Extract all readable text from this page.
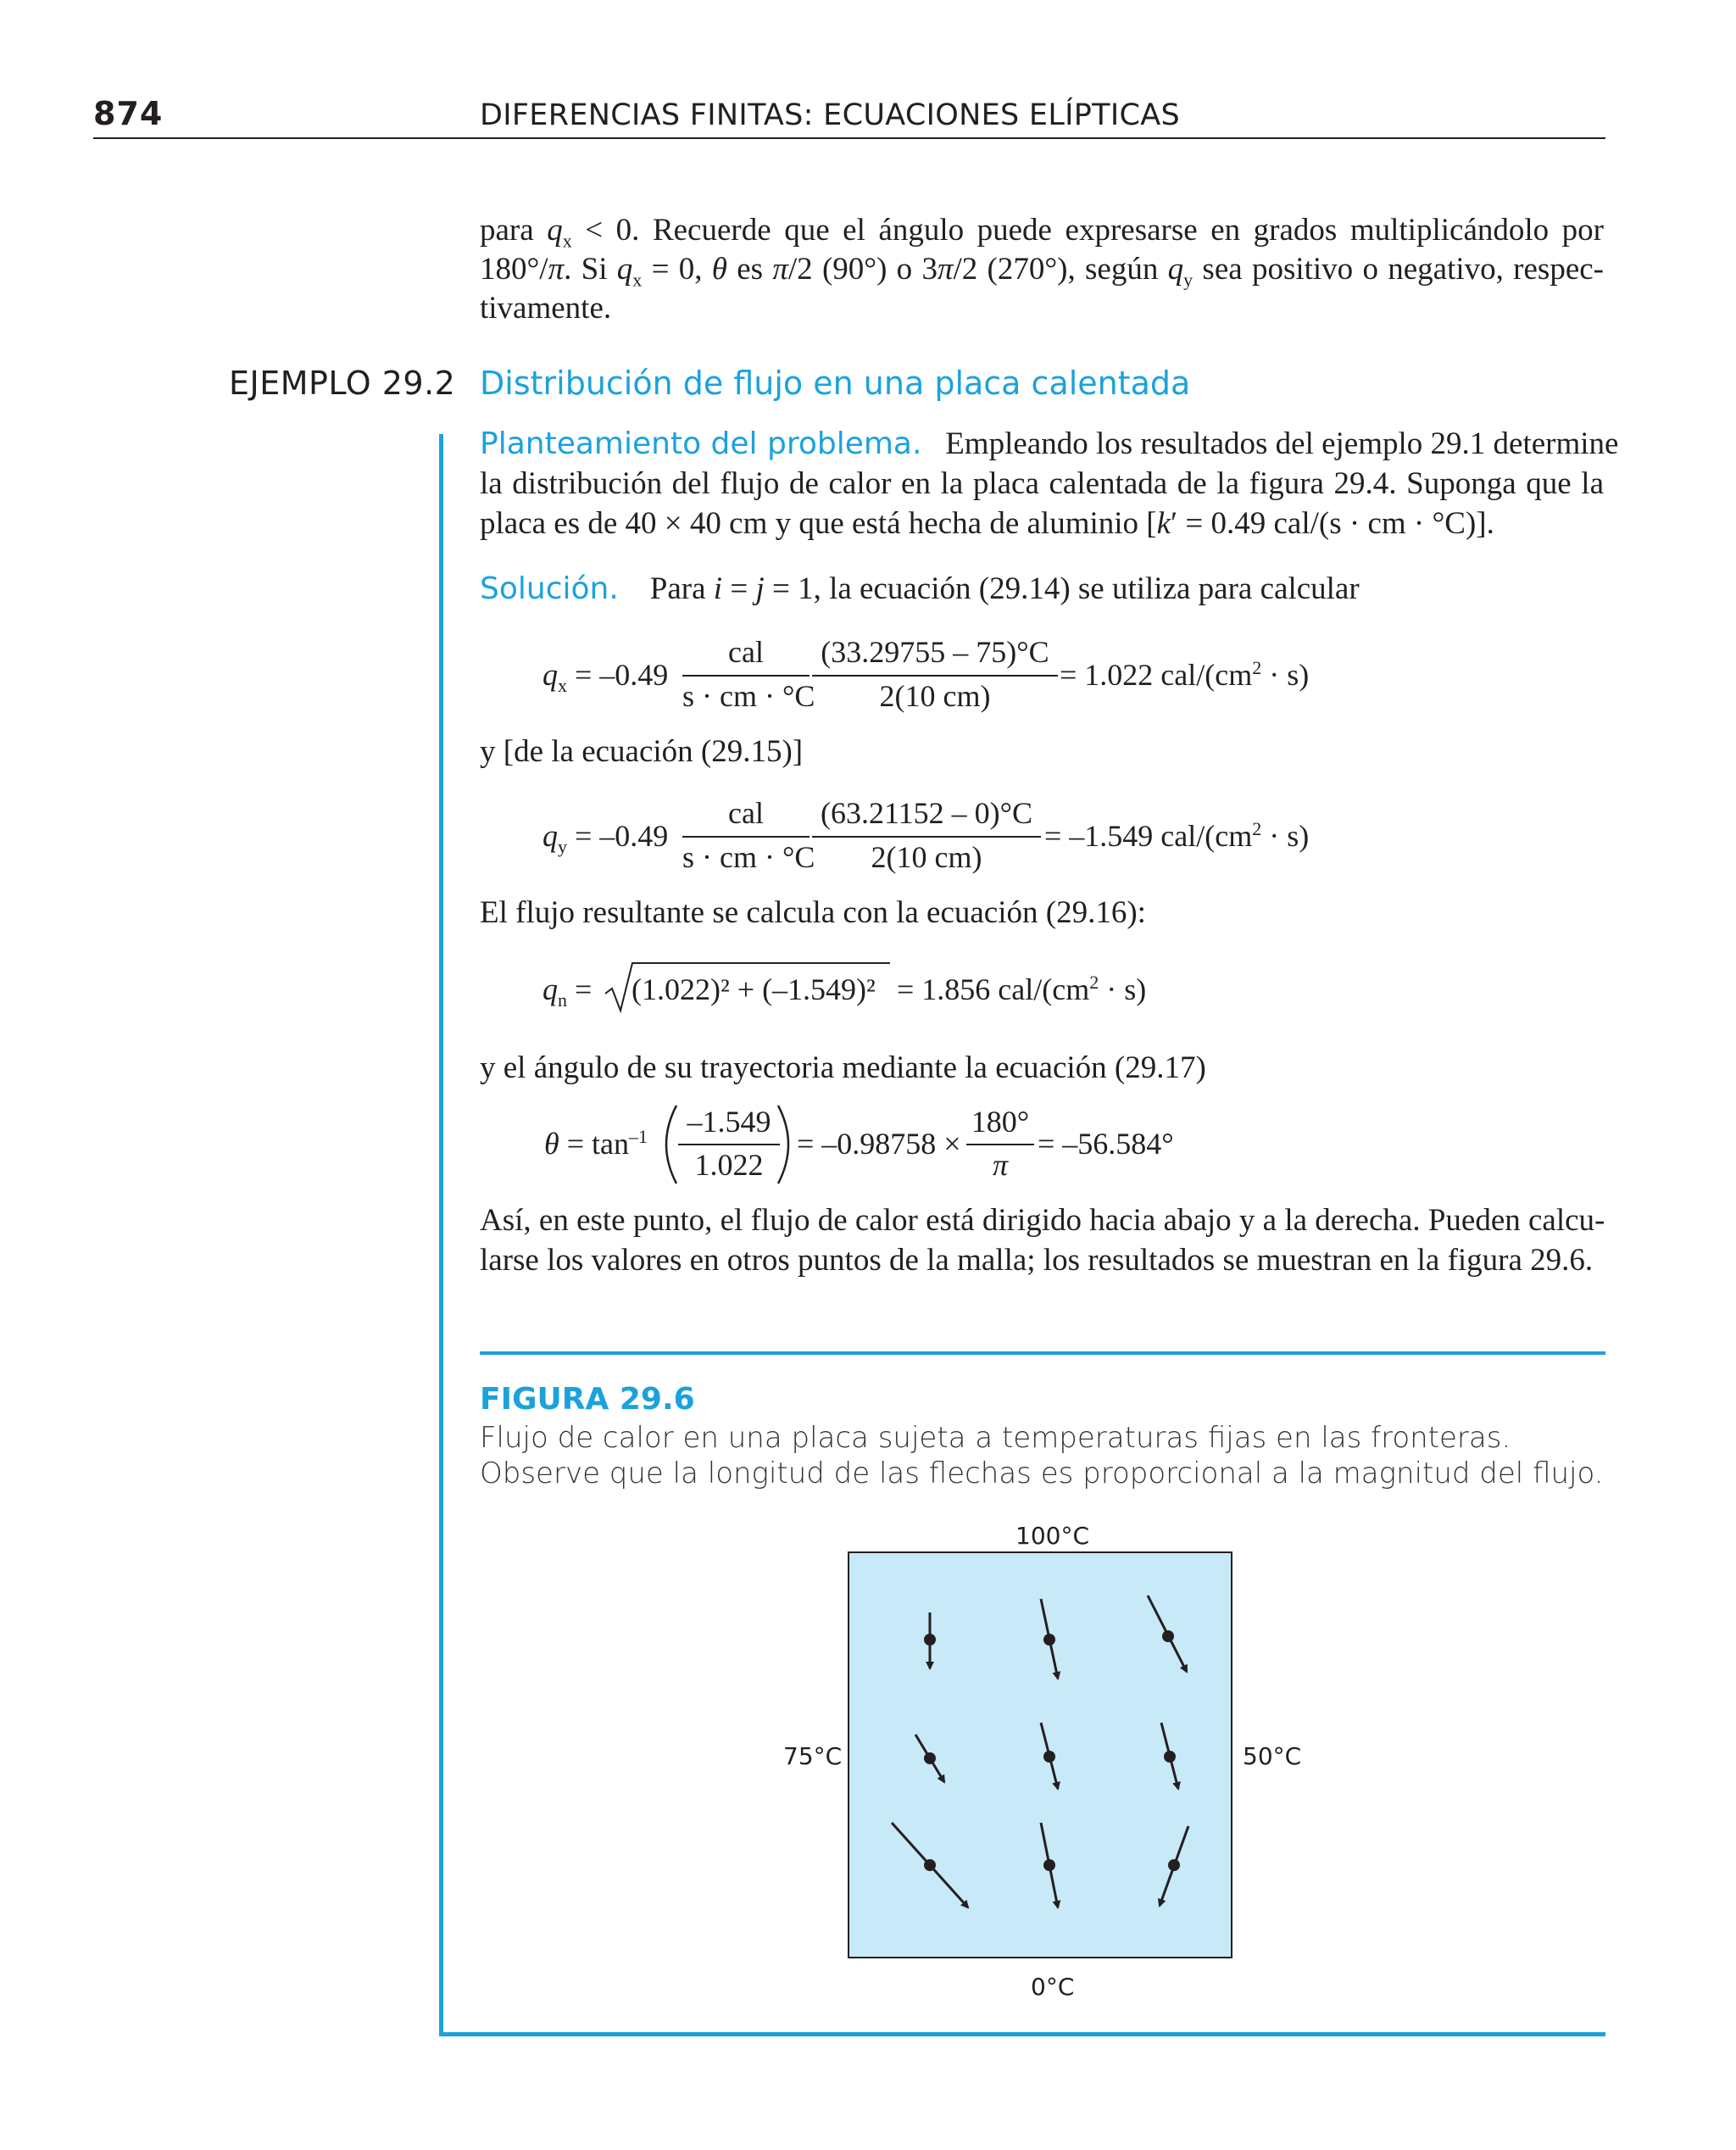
874	DIFERENCIAS FINITAS: ECUACIONES ELÍPTICAS
para $q_x < 0$. Recuerde que el ángulo puede expresarse en grados multiplicándolo por
180°/π. Si $q_x = 0$, θ es π/2 (90°) o 3π/2 (270°), según $q_y$ sea positivo o negativo, respec-
tivamente.
EJEMPLO 29.2 Distribución de flujo en una placa calentada
Planteamiento del problema. Empleando los resultados del ejemplo 29.1 determine
la distribución del flujo de calor en la placa calentada de la figura 29.4. Suponga que la
placa es de 40 × 40 cm y que está hecha de aluminio [k′ = 0.49 cal/(s · cm · °C)].
Solución.    Para i = j = 1, la ecuación (29.14) se utiliza para calcular
$q_x = -0.49$
cal
s · cm · °C
(33.29755 – 75)°C
2(10 cm)
= 1.022 cal/$(cm^2 \cdot s)$
y [de la ecuación (29.15)]
$q_y = -0.49$
cal
s · cm · °C
(63.21152 – 0)°C
2(10 cm)
= –1.549 cal/$(cm^2 \cdot s)$
El flujo resultante se calcula con la ecuación (29.16):
$q_n = (1.022)^2 + (-1.549)^2 = 1.856$ cal/$(cm^2 \cdot s)$
y el ángulo de su trayectoria mediante la ecuación (29.17)
$\theta = \tan^{-1} -1.549$
1.022
= –0.98758 ×
180°
π
= –56.584°
Así, en este punto, el flujo de calor está dirigido hacia abajo y a la derecha. Pueden calcu-
larse los valores en otros puntos de la malla; los resultados se muestran en la figura 29.6.
FIGURA 29.6
Flujo de calor en una placa sujeta a temperaturas fijas en las fronteras. Observe que la longitud de las flechas es proporcional a la magnitud del flujo.
100°C
0°C
75°C	50°C
